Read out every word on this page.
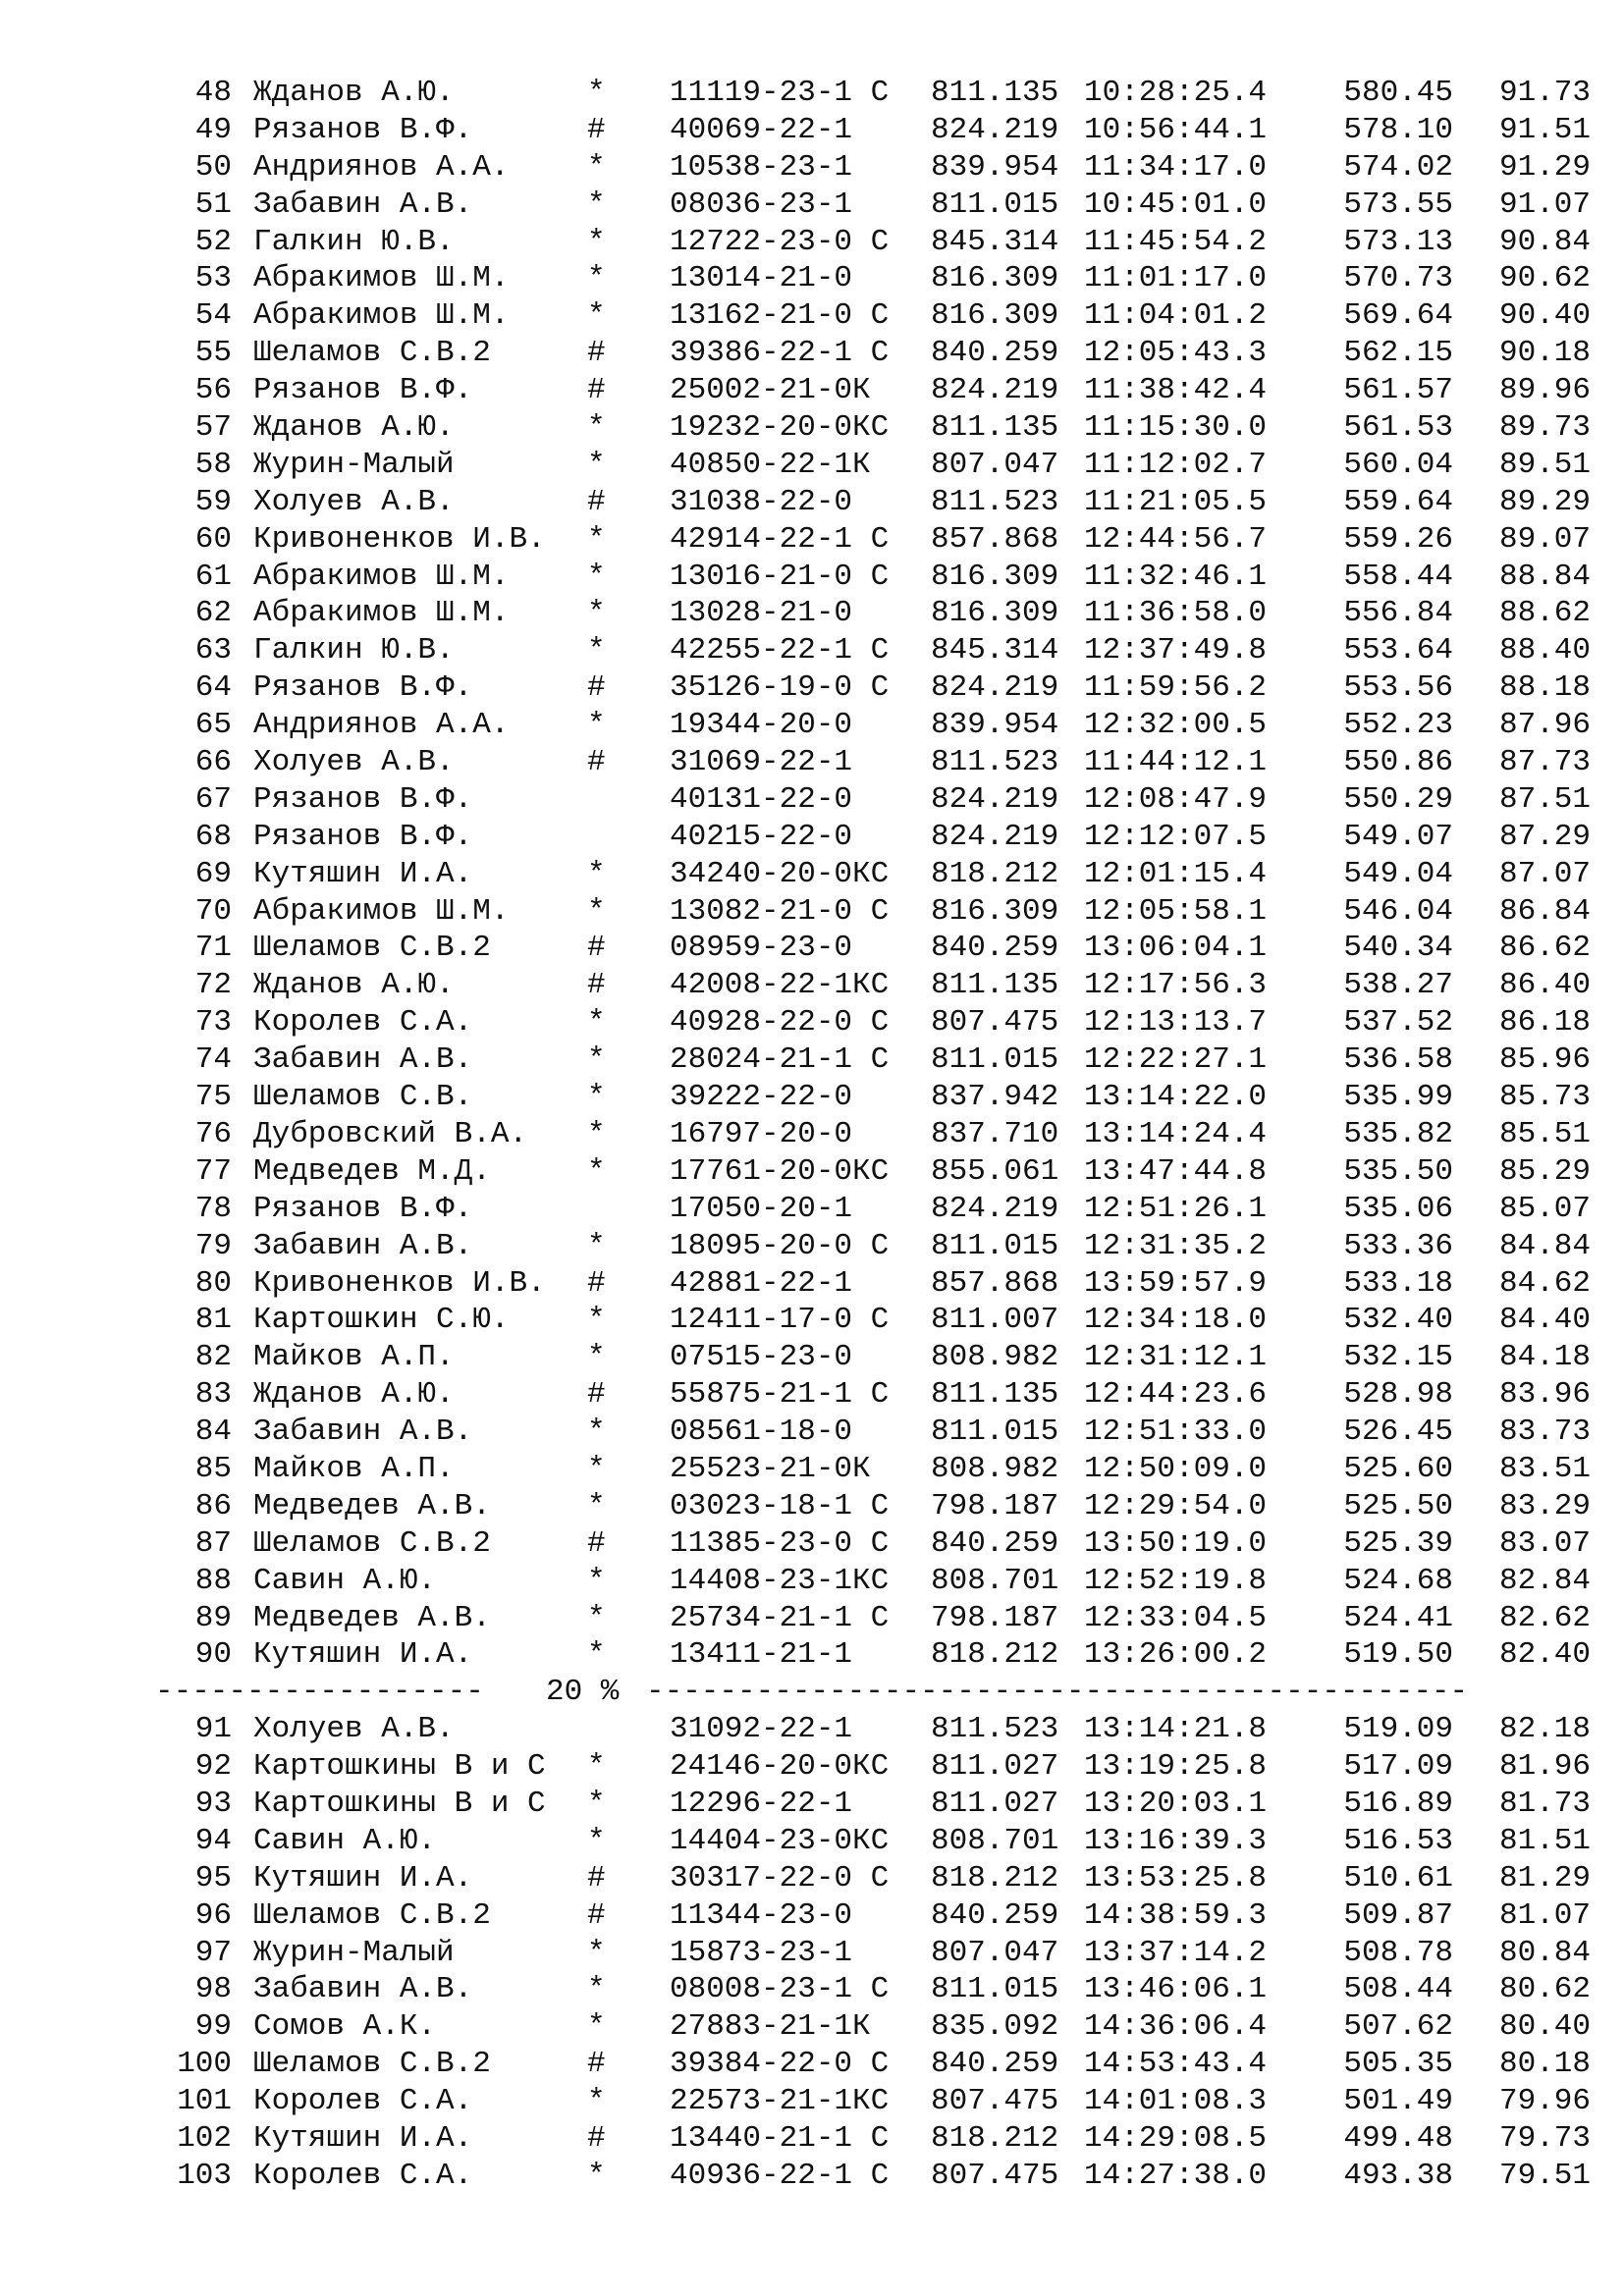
48 Жданов А.Ю.	* 11119-23-1 С 811.135 10:28:25.4	580.45 91.73
49 Рязанов В.Ф.	# 40069-22-1	824.219 10:56:44.1	578.10 91.51
50 Андриянов А.А.	* 10538-23-1	839.954 11:34:17.0	574.02 91.29
51 Забавин А.В.	* 08036-23-1	811.015 10:45:01.0	573.55 91.07
52 Галкин Ю.В.	* 12722-23-0 С 845.314 11:45:54.2	573.13 90.84
53 Абракимов Ш.М.	* 13014-21-0	816.309 11:01:17.0	570.73 90.62
54 Абракимов Ш.М.	* 13162-21-0 С 816.309 11:04:01.2	569.64 90.40
55 Шеламов С.В.2	# 39386-22-1 С 840.259 12:05:43.3	562.15 90.18
56 Рязанов В.Ф.	# 25002-21-0К 824.219 11:38:42.4	561.57 89.96
57 Жданов А.Ю.	* 19232-20-0КС 811.135 11:15:30.0	561.53 89.73
58 Журин-Малый	* 40850-22-1К 807.047 11:12:02.7	560.04 89.51
59 Холуев А.В.	# 31038-22-0	811.523 11:21:05.5	559.64 89.29
60 Кривоненков И.В. * 42914-22-1 С 857.868 12:44:56.7	559.26 89.07
61 Абракимов Ш.М.	* 13016-21-0 С 816.309 11:32:46.1	558.44 88.84
62 Абракимов Ш.М.	* 13028-21-0	816.309 11:36:58.0	556.84 88.62
63 Галкин Ю.В.	* 42255-22-1 С 845.314 12:37:49.8	553.64 88.40
64 Рязанов В.Ф.	# 35126-19-0 С 824.219 11:59:56.2	553.56 88.18
65 Андриянов А.А.	* 19344-20-0	839.954 12:32:00.5	552.23 87.96
66 Холуев А.В.	# 31069-22-1	811.523 11:44:12.1	550.86 87.73
67 Рязанов В.Ф.	40131-22-0	824.219 12:08:47.9	550.29 87.51
68 Рязанов В.Ф.	40215-22-0	824.219 12:12:07.5	549.07 87.29
69 Кутяшин И.А.	* 34240-20-0КС 818.212 12:01:15.4	549.04 87.07
70 Абракимов Ш.М.	* 13082-21-0 С 816.309 12:05:58.1	546.04 86.84
71 Шеламов С.В.2	# 08959-23-0	840.259 13:06:04.1	540.34 86.62
72 Жданов А.Ю.	# 42008-22-1КС 811.135 12:17:56.3	538.27 86.40
73 Королев С.А.	* 40928-22-0 С 807.475 12:13:13.7	537.52 86.18
74 Забавин А.В.	* 28024-21-1 С 811.015 12:22:27.1	536.58 85.96
75 Шеламов С.В.	* 39222-22-0	837.942 13:14:22.0	535.99 85.73
76 Дубровский В.А. * 16797-20-0	837.710 13:14:24.4	535.82 85.51
77 Медведев М.Д.	* 17761-20-0КС 855.061 13:47:44.8	535.50 85.29
78 Рязанов В.Ф.	17050-20-1	824.219 12:51:26.1	535.06 85.07
79 Забавин А.В.	* 18095-20-0 С 811.015 12:31:35.2	533.36 84.84
80 Кривоненков И.В. # 42881-22-1	857.868 13:59:57.9	533.18 84.62
81 Картошкин С.Ю.	* 12411-17-0 С 811.007 12:34:18.0	532.40 84.40
82 Майков А.П.	* 07515-23-0	808.982 12:31:12.1	532.15 84.18
83 Жданов А.Ю.	# 55875-21-1 С 811.135 12:44:23.6	528.98 83.96
84 Забавин А.В.	* 08561-18-0	811.015 12:51:33.0	526.45 83.73
85 Майков А.П.	* 25523-21-0К 808.982 12:50:09.0	525.60 83.51
86 Медведев А.В.	* 03023-18-1 С 798.187 12:29:54.0	525.50 83.29
87 Шеламов С.В.2	# 11385-23-0 С 840.259 13:50:19.0	525.39 83.07
88 Савин А.Ю.	* 14408-23-1КС 808.701 12:52:19.8	524.68 82.84
89 Медведев А.В.	* 25734-21-1 С 798.187 12:33:04.5	524.41 82.62
90 Кутяшин И.А.	* 13411-21-1	818.212 13:26:00.2	519.50 82.40

------------------

20 %

---------------------------------------------

91 Холуев А.В.	31092-22-1	811.523 13:14:21.8	519.09 82.18
92 Картошкины В и С * 24146-20-0КС 811.027 13:19:25.8	517.09 81.96
93 Картошкины В и С * 12296-22-1	811.027 13:20:03.1	516.89 81.73
94 Савин А.Ю.	* 14404-23-0КС 808.701 13:16:39.3	516.53 81.51
95 Кутяшин И.А.	# 30317-22-0 С 818.212 13:53:25.8	510.61 81.29
96 Шеламов С.В.2	# 11344-23-0	840.259 14:38:59.3	509.87 81.07
97 Журин-Малый	* 15873-23-1	807.047 13:37:14.2	508.78 80.84
98 Забавин А.В.	* 08008-23-1 С 811.015 13:46:06.1	508.44 80.62
99 Сомов А.К.	* 27883-21-1К 835.092 14:36:06.4	507.62 80.40
100 Шеламов С.В.2	# 39384-22-0 С 840.259 14:53:43.4	505.35 80.18
101 Королев С.А.	* 22573-21-1КС 807.475 14:01:08.3	501.49 79.96
102 Кутяшин И.А.	# 13440-21-1 С 818.212 14:29:08.5	499.48 79.73
103 Королев С.А.	* 40936-22-1 С 807.475 14:27:38.0	493.38 79.51
